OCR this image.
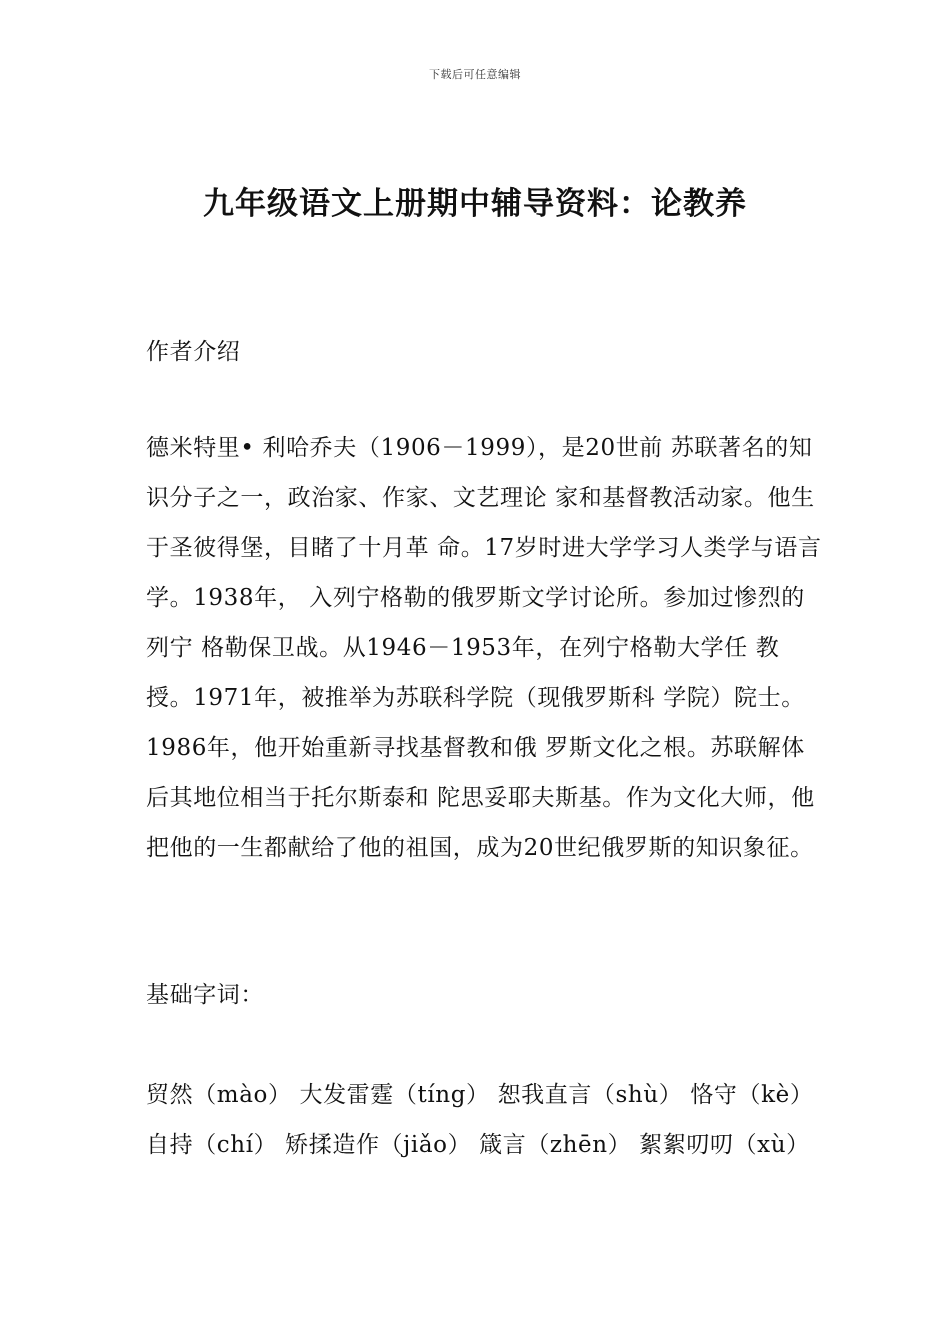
下载后可任意编辑
九年级语文上册期中辅导资料：论教养
作者介绍

德米特里• 利哈乔夫（1906－1999），是20世前 苏联著名的知识分子之一，政治家、作家、文艺理论 家和基督教活动家。他生于圣彼得堡，目睹了十月革 命。17岁时进大学学习人类学与语言学。1938年， 入列宁格勒的俄罗斯文学讨论所。参加过惨烈的列宁 格勒保卫战。从1946－1953年，在列宁格勒大学任 教授。1971年，被推举为苏联科学院（现俄罗斯科 学院）院士。1986年，他开始重新寻找基督教和俄 罗斯文化之根。苏联解体后其地位相当于托尔斯泰和 陀思妥耶夫斯基。作为文化大师，他把他的一生都献给了他的祖国，成为20世纪俄罗斯的知识象征。

基础字词：

贸然（mào） 大发雷霆（tíng） 恕我直言（shù） 恪守（kè） 自持（chí） 矫揉造作（jiǎo） 箴言（zhēn） 絮絮叨叨（xù）
